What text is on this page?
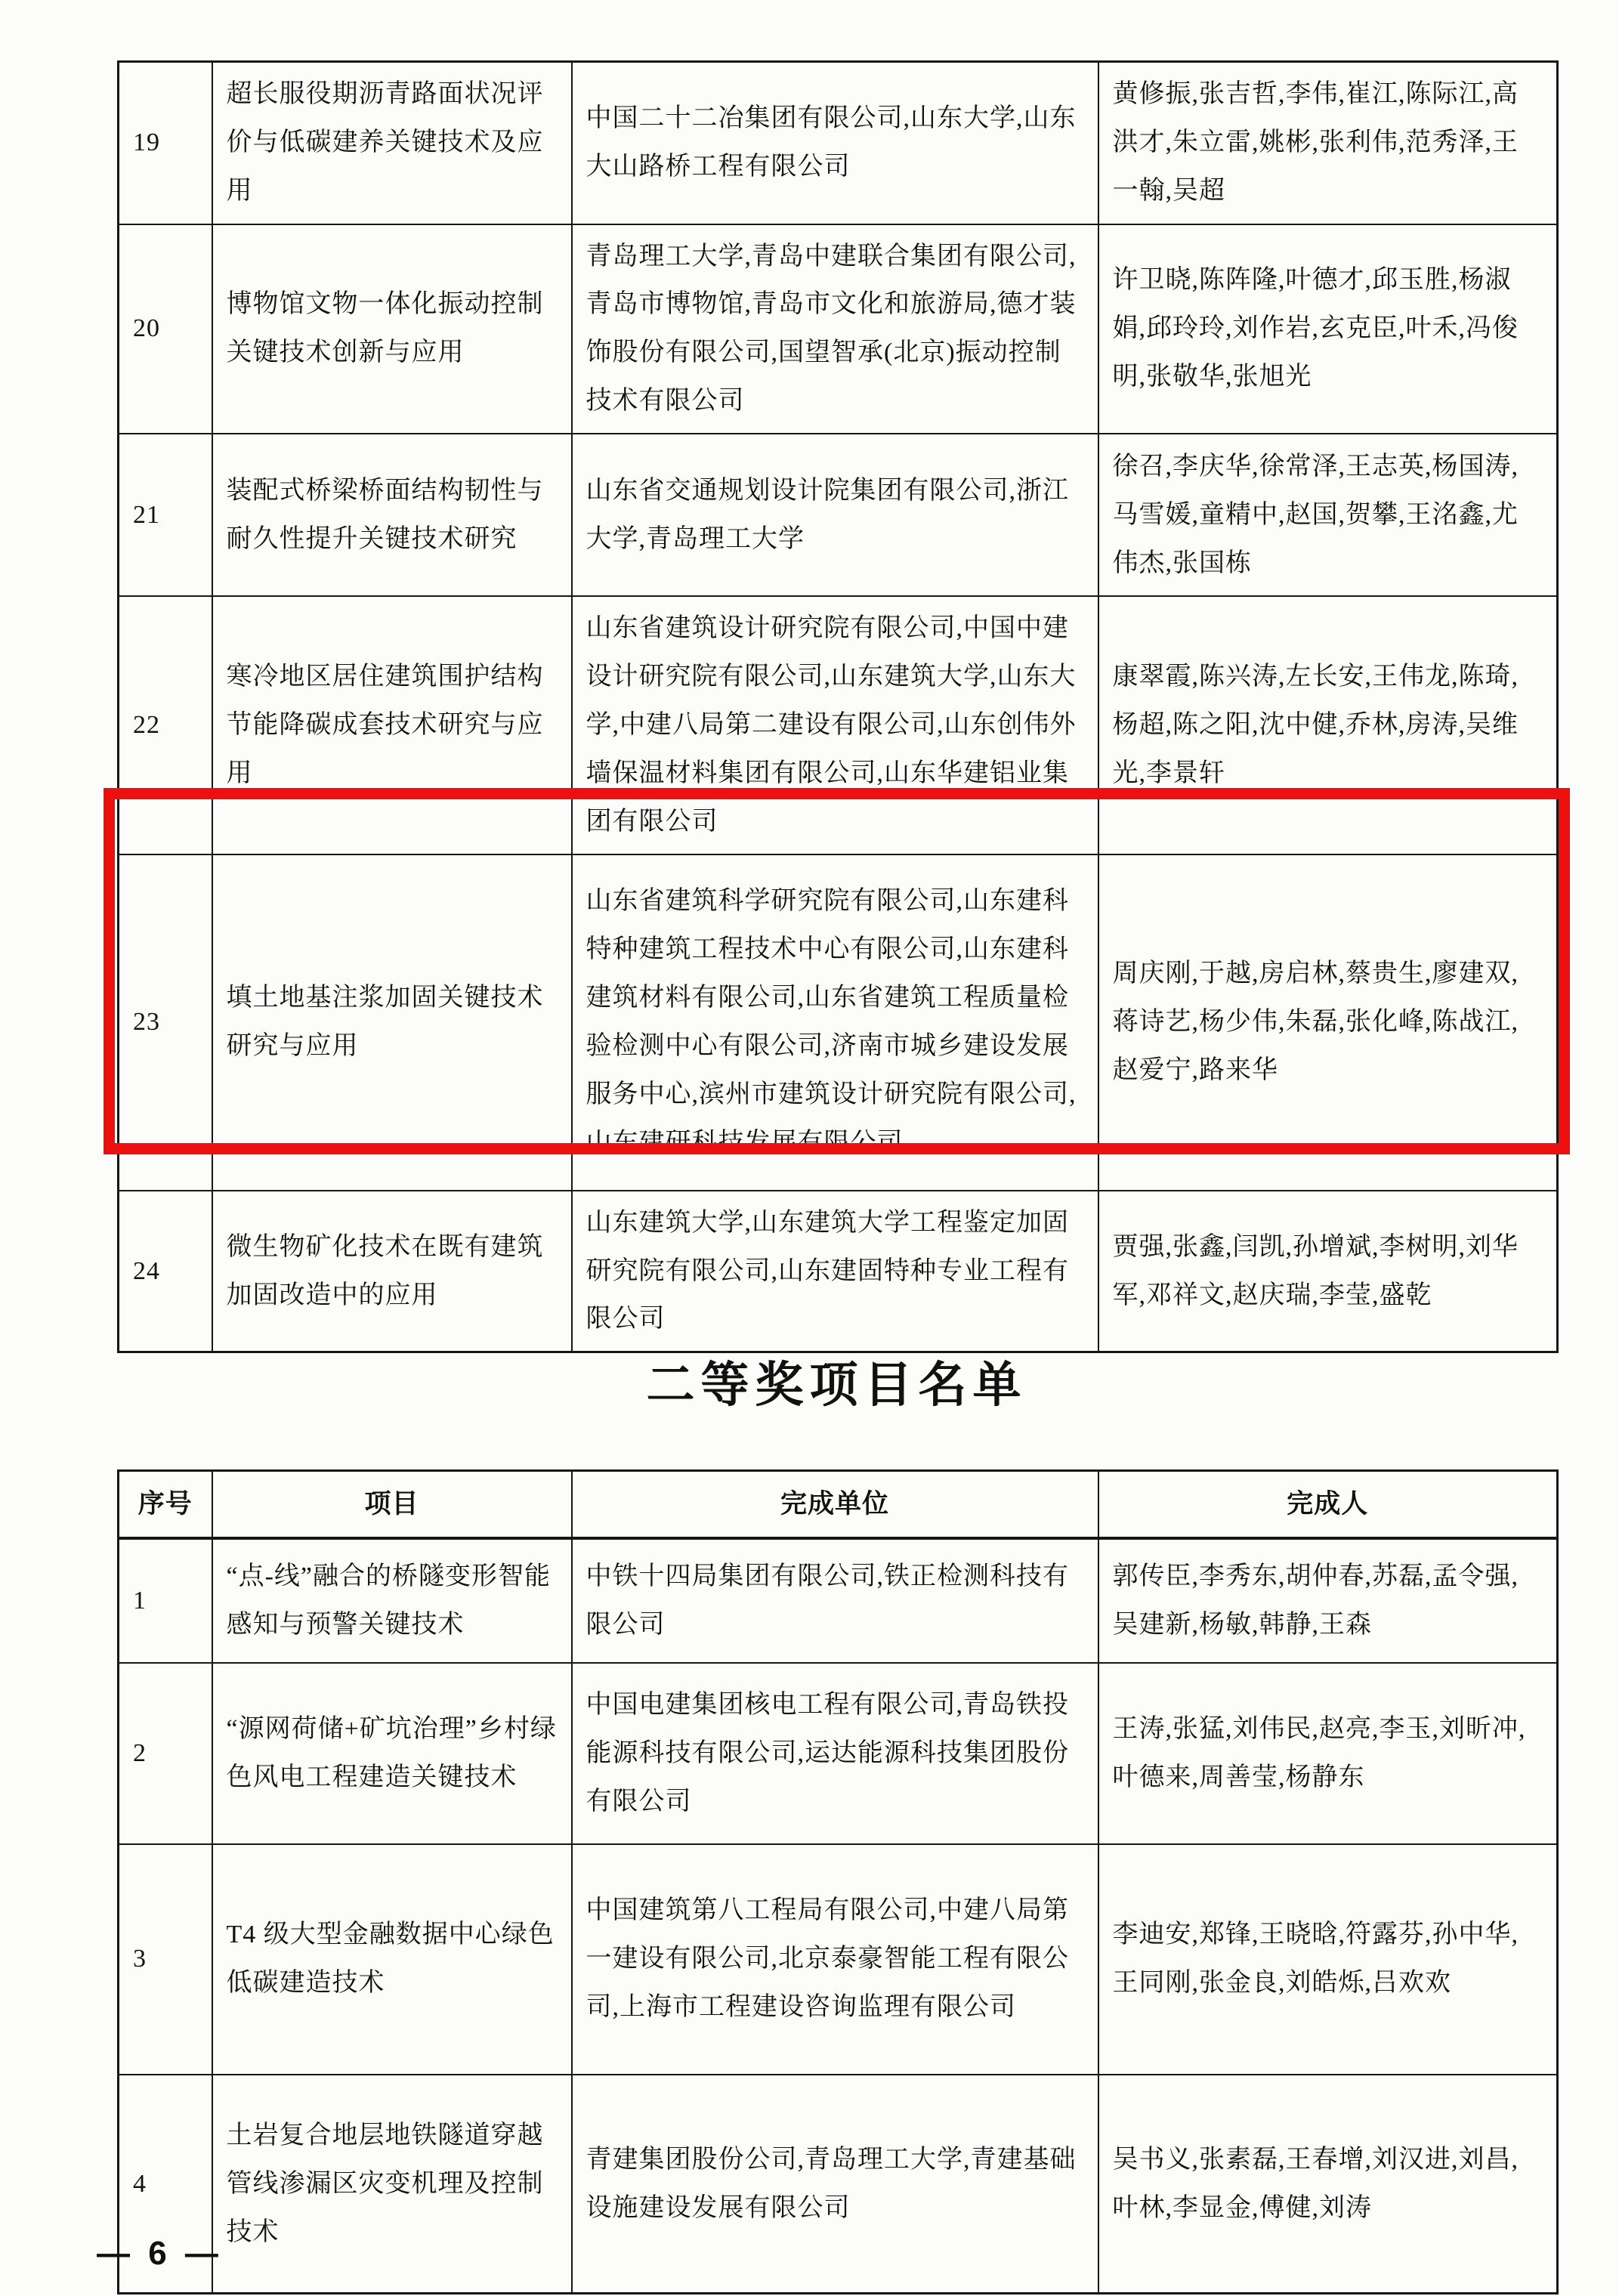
19	超长服役期沥青路面状况评价与低碳建养关键技术及应用	中国二十二冶集团有限公司,山东大学,山东大山路桥工程有限公司	黄修振,张吉哲,李伟,崔江,陈际江,高洪才,朱立雷,姚彬,张利伟,范秀泽,王一翰,吴超
20	博物馆文物一体化振动控制关键技术创新与应用	青岛理工大学,青岛中建联合集团有限公司,青岛市博物馆,青岛市文化和旅游局,德才装饰股份有限公司,国望智承(北京)振动控制技术有限公司	许卫晓,陈阵隆,叶德才,邱玉胜,杨淑娟,邱玲玲,刘作岩,玄克臣,叶禾,冯俊明,张敬华,张旭光
21	装配式桥梁桥面结构韧性与耐久性提升关键技术研究	山东省交通规划设计院集团有限公司,浙江大学,青岛理工大学	徐召,李庆华,徐常泽,王志英,杨国涛,马雪媛,童精中,赵国,贺攀,王洺鑫,尤伟杰,张国栋
22	寒冷地区居住建筑围护结构节能降碳成套技术研究与应用	山东省建筑设计研究院有限公司,中国中建设计研究院有限公司,山东建筑大学,山东大学,中建八局第二建设有限公司,山东创伟外墙保温材料集团有限公司,山东华建铝业集团有限公司	康翠霞,陈兴涛,左长安,王伟龙,陈琦,杨超,陈之阳,沈中健,乔林,房涛,吴维光,李景轩
23	填土地基注浆加固关键技术研究与应用	山东省建筑科学研究院有限公司,山东建科特种建筑工程技术中心有限公司,山东建科建筑材料有限公司,山东省建筑工程质量检验检测中心有限公司,济南市城乡建设发展服务中心,滨州市建筑设计研究院有限公司,山东建研科技发展有限公司	周庆刚,于越,房启林,蔡贵生,廖建双,蒋诗艺,杨少伟,朱磊,张化峰,陈战江,赵爱宁,路来华
24	微生物矿化技术在既有建筑加固改造中的应用	山东建筑大学,山东建筑大学工程鉴定加固研究院有限公司,山东建固特种专业工程有限公司	贾强,张鑫,闫凯,孙增斌,李树明,刘华军,邓祥文,赵庆瑞,李莹,盛乾
二等奖项目名单
序号	项目	完成单位	完成人
1	“点-线”融合的桥隧变形智能感知与预警关键技术	中铁十四局集团有限公司,铁正检测科技有限公司	郭传臣,李秀东,胡仲春,苏磊,孟令强,吴建新,杨敏,韩静,王森
2	“源网荷储+矿坑治理”乡村绿色风电工程建造关键技术	中国电建集团核电工程有限公司,青岛铁投能源科技有限公司,运达能源科技集团股份有限公司	王涛,张猛,刘伟民,赵亮,李玉,刘昕冲,叶德来,周善莹,杨静东
3	T4 级大型金融数据中心绿色低碳建造技术	中国建筑第八工程局有限公司,中建八局第一建设有限公司,北京泰豪智能工程有限公司,上海市工程建设咨询监理有限公司	李迪安,郑锋,王晓晗,符露芬,孙中华,王同刚,张金良,刘皓烁,吕欢欢
4	土岩复合地层地铁隧道穿越管线渗漏区灾变机理及控制技术	青建集团股份公司,青岛理工大学,青建基础设施建设发展有限公司	吴书义,张素磊,王春增,刘汉进,刘昌,叶林,李显金,傅健,刘涛
— 6 —
